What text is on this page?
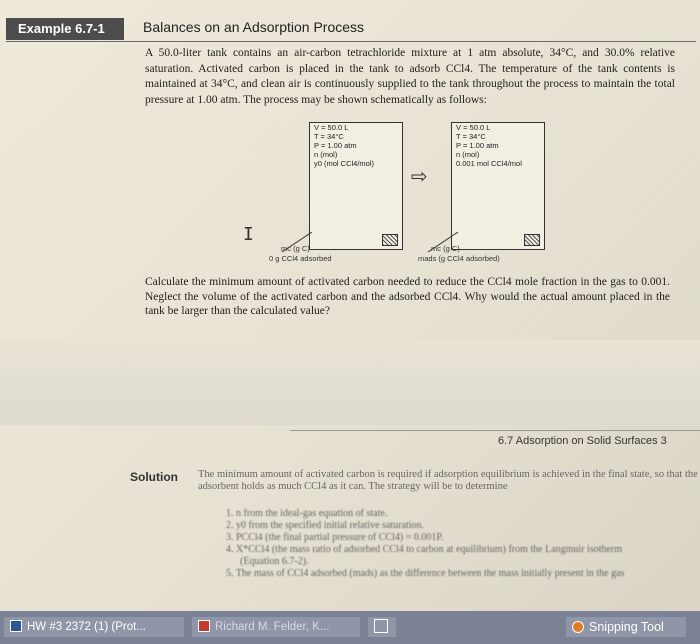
Example 6.7-1	Balances on an Adsorption Process
A 50.0-liter tank contains an air-carbon tetrachloride mixture at 1 atm absolute, 34°C, and 30.0% relative saturation. Activated carbon is placed in the tank to adsorb CCl4. The temperature of the tank contents is maintained at 34°C, and clean air is continuously supplied to the tank throughout the process to maintain the total pressure at 1.00 atm. The process may be shown schematically as follows:
V = 50.0 L
T = 34°C
P = 1.00 atm
n (mol)
y0 (mol CCl4/mol)
⇨
V = 50.0 L
T = 34°C
P = 1.00 atm
n (mol)
0.001 mol CCl4/mol
I
mc (g C)
0 g CCl4 adsorbed
mc (g C)
mads (g CCl4 adsorbed)
Calculate the minimum amount of activated carbon needed to reduce the CCl4 mole fraction in the gas to 0.001. Neglect the volume of the activated carbon and the adsorbed CCl4. Why would the actual amount placed in the tank be larger than the calculated value?
6.7 Adsorption on Solid Surfaces 3
Solution The minimum amount of activated carbon is required if adsorption equilibrium is achieved in the final state, so that the adsorbent holds as much CCl4 as it can. The strategy will be to determine
1. n from the ideal-gas equation of state.
2. y0 from the specified initial relative saturation.
3. PCCl4 (the final partial pressure of CCl4) = 0.001P.
4. X*CCl4 (the mass ratio of adsorbed CCl4 to carbon at equilibrium) from the Langmuir isotherm
(Equation 6.7-2).
5. The mass of CCl4 adsorbed (mads) as the difference between the mass initially present in the gas
HW #3 2372 (1) (Prot...	Richard M. Felder, K...	Snipping Tool
